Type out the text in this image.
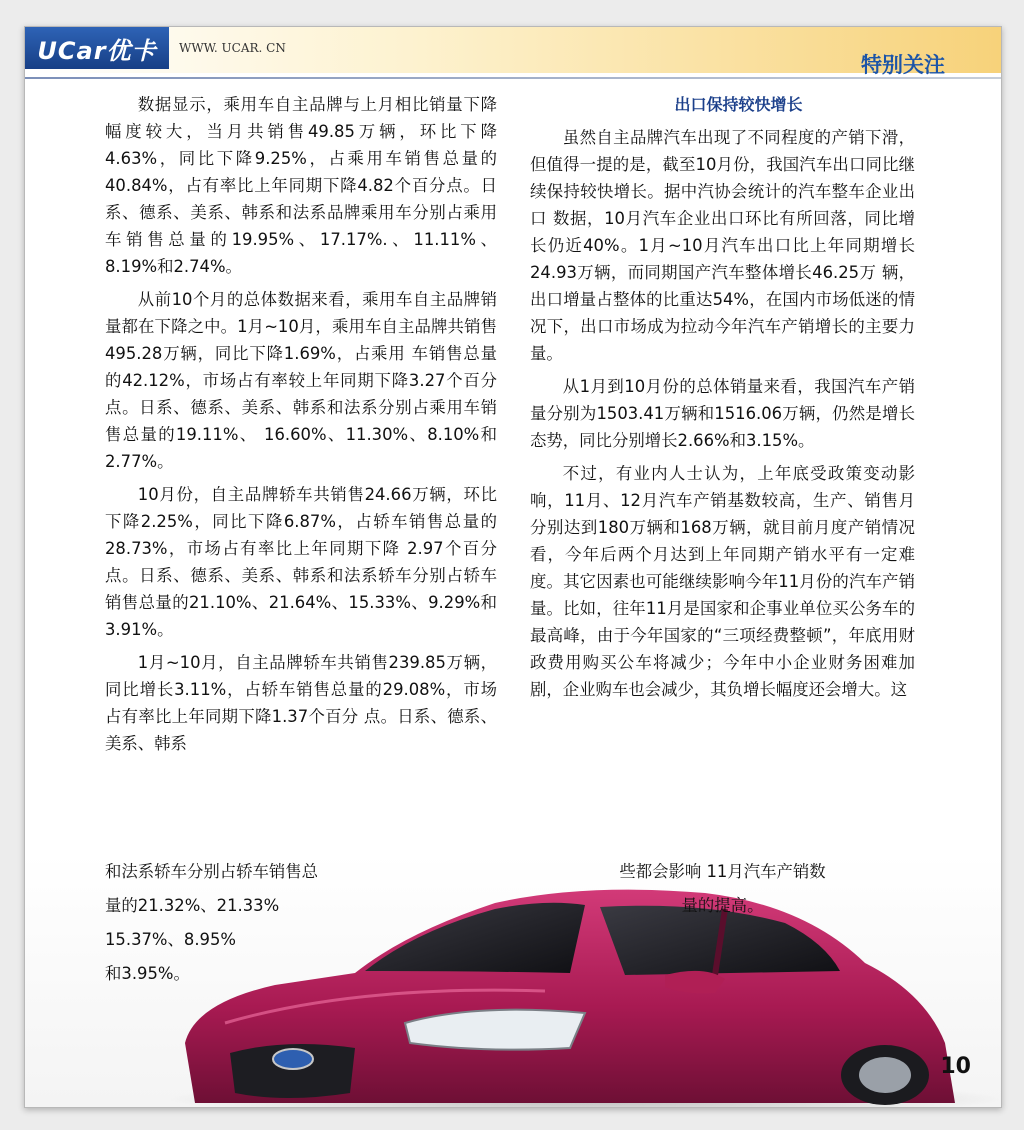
UCar优卡 WWW. UCAR. CN
特别关注

数据显示，乘用车自主品牌与上月相比销量下降幅度较大，当月共销售49.85万辆，环比下降4.63%，同比下降9.25%，占乘用车销售总量的 40.84%，占有率比上年同期下降4.82个百分点。日系、德系、美系、韩系和法系品牌乘用车分别占乘用车销售总量的19.95%、17.17%.、11.11%、8.19%和2.74%。

从前10个月的总体数据来看，乘用车自主品牌销量都在下降之中。1月~10月，乘用车自主品牌共销售495.28万辆，同比下降1.69%，占乘用 车销售总量的42.12%，市场占有率较上年同期下降3.27个百分点。日系、德系、美系、韩系和法系分别占乘用车销售总量的19.11%、 16.60%、11.30%、8.10%和2.77%。

10月份，自主品牌轿车共销售24.66万辆，环比下降2.25%，同比下降6.87%，占轿车销售总量的28.73%，市场占有率比上年同期下降 2.97个百分点。日系、德系、美系、韩系和法系轿车分别占轿车销售总量的21.10%、21.64%、15.33%、9.29%和3.91%。

1月~10月，自主品牌轿车共销售239.85万辆，同比增长3.11%，占轿车销售总量的29.08%，市场占有率比上年同期下降1.37个百分 点。日系、德系、美系、韩系

出口保持较快增长

虽然自主品牌汽车出现了不同程度的产销下滑，但值得一提的是，截至10月份，我国汽车出口同比继续保持较快增长。据中汽协会统计的汽车整车企业出口 数据，10月汽车企业出口环比有所回落，同比增长仍近40%。1月~10月汽车出口比上年同期增长24.93万辆，而同期国产汽车整体增长46.25万 辆，出口增量占整体的比重达54%，在国内市场低迷的情况下，出口市场成为拉动今年汽车产销增长的主要力量。

从1月到10月份的总体销量来看，我国汽车产销量分别为1503.41万辆和1516.06万辆，仍然是增长态势，同比分别增长2.66%和3.15%。

不过，有业内人士认为，上年底受政策变动影响，11月、12月汽车产销基数较高，生产、销售月分别达到180万辆和168万辆，就目前月度产销情况 看，今年后两个月达到上年同期产销水平有一定难度。其它因素也可能继续影响今年11月份的汽车产销量。比如，往年11月是国家和企事业单位买公务车的最高峰，由于今年国家的“三项经费整顿”，年底用财政费用购买公车将减少；今年中小企业财务困难加剧，企业购车也会减少，其负增长幅度还会增大。这

和法系轿车分别占轿车销售总
量的21.32%、21.33%
15.37%、8.95%
和3.95%。
些都会影响 11月汽车产销数
量的提高。
10
